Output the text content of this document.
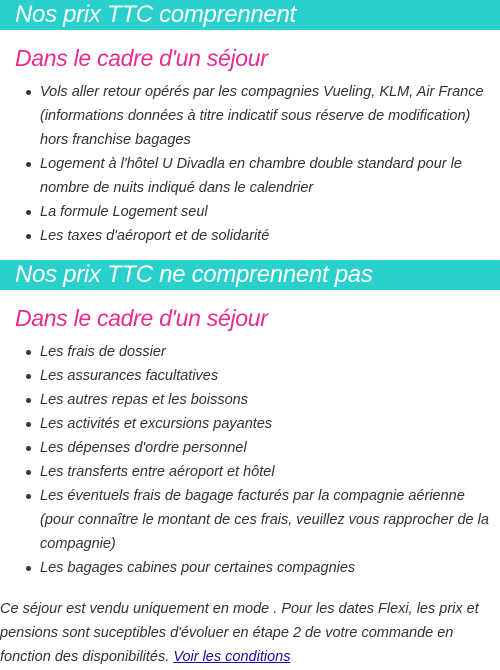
Nos prix TTC comprennent
Dans le cadre d'un séjour
Vols aller retour opérés par les compagnies Vueling, KLM, Air France (informations données à titre indicatif sous réserve de modification) hors franchise bagages
Logement à l'hôtel U Divadla en chambre double standard pour le nombre de nuits indiqué dans le calendrier
La formule Logement seul
Les taxes d'aéroport et de solidarité
Nos prix TTC ne comprennent pas
Dans le cadre d'un séjour
Les frais de dossier
Les assurances facultatives
Les autres repas et les boissons
Les activités et excursions payantes
Les dépenses d'ordre personnel
Les transferts entre aéroport et hôtel
Les éventuels frais de bagage facturés par la compagnie aérienne (pour connaître le montant de ces frais, veuillez vous rapprocher de la compagnie)
Les bagages cabines pour certaines compagnies

Ce séjour est vendu uniquement en mode . Pour les dates Flexi, les prix et pensions sont suceptibles d'évoluer en étape 2 de votre commande en fonction des disponibilités. Voir les conditions
